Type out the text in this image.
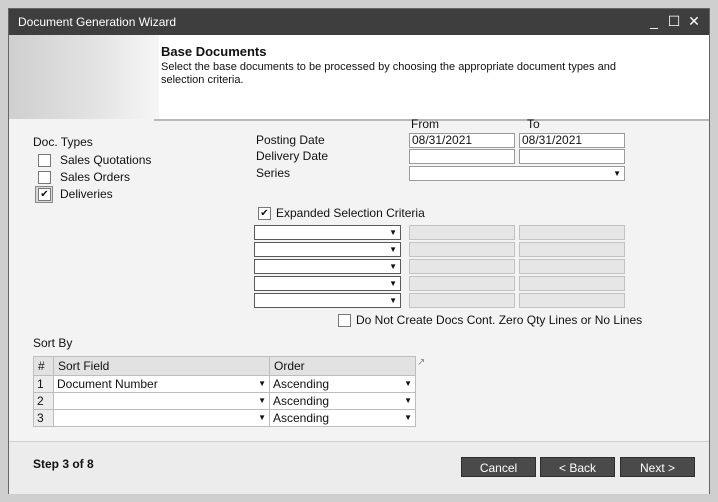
Document Generation Wizard	_ ☐ ✕
Base Documents
Select the base documents to be processed by choosing the appropriate document types and selection criteria.
From	To
Doc. Types
Sales Quotations
Sales Orders
✔
Deliveries
Posting Date	08/31/2021	08/31/2021
Delivery Date
Series	▼
✔
Expanded Selection Criteria
▼
▼
▼
▼
▼
Do Not Create Docs Cont. Zero Qty Lines or No Lines
Sort By
↗
#	Sort Field	Order
1	Document Number ▼	Ascending ▼

2	▼	Ascending ▼

3	▼	Ascending ▼
Step 3 of 8	Cancel	< Back	Next >
